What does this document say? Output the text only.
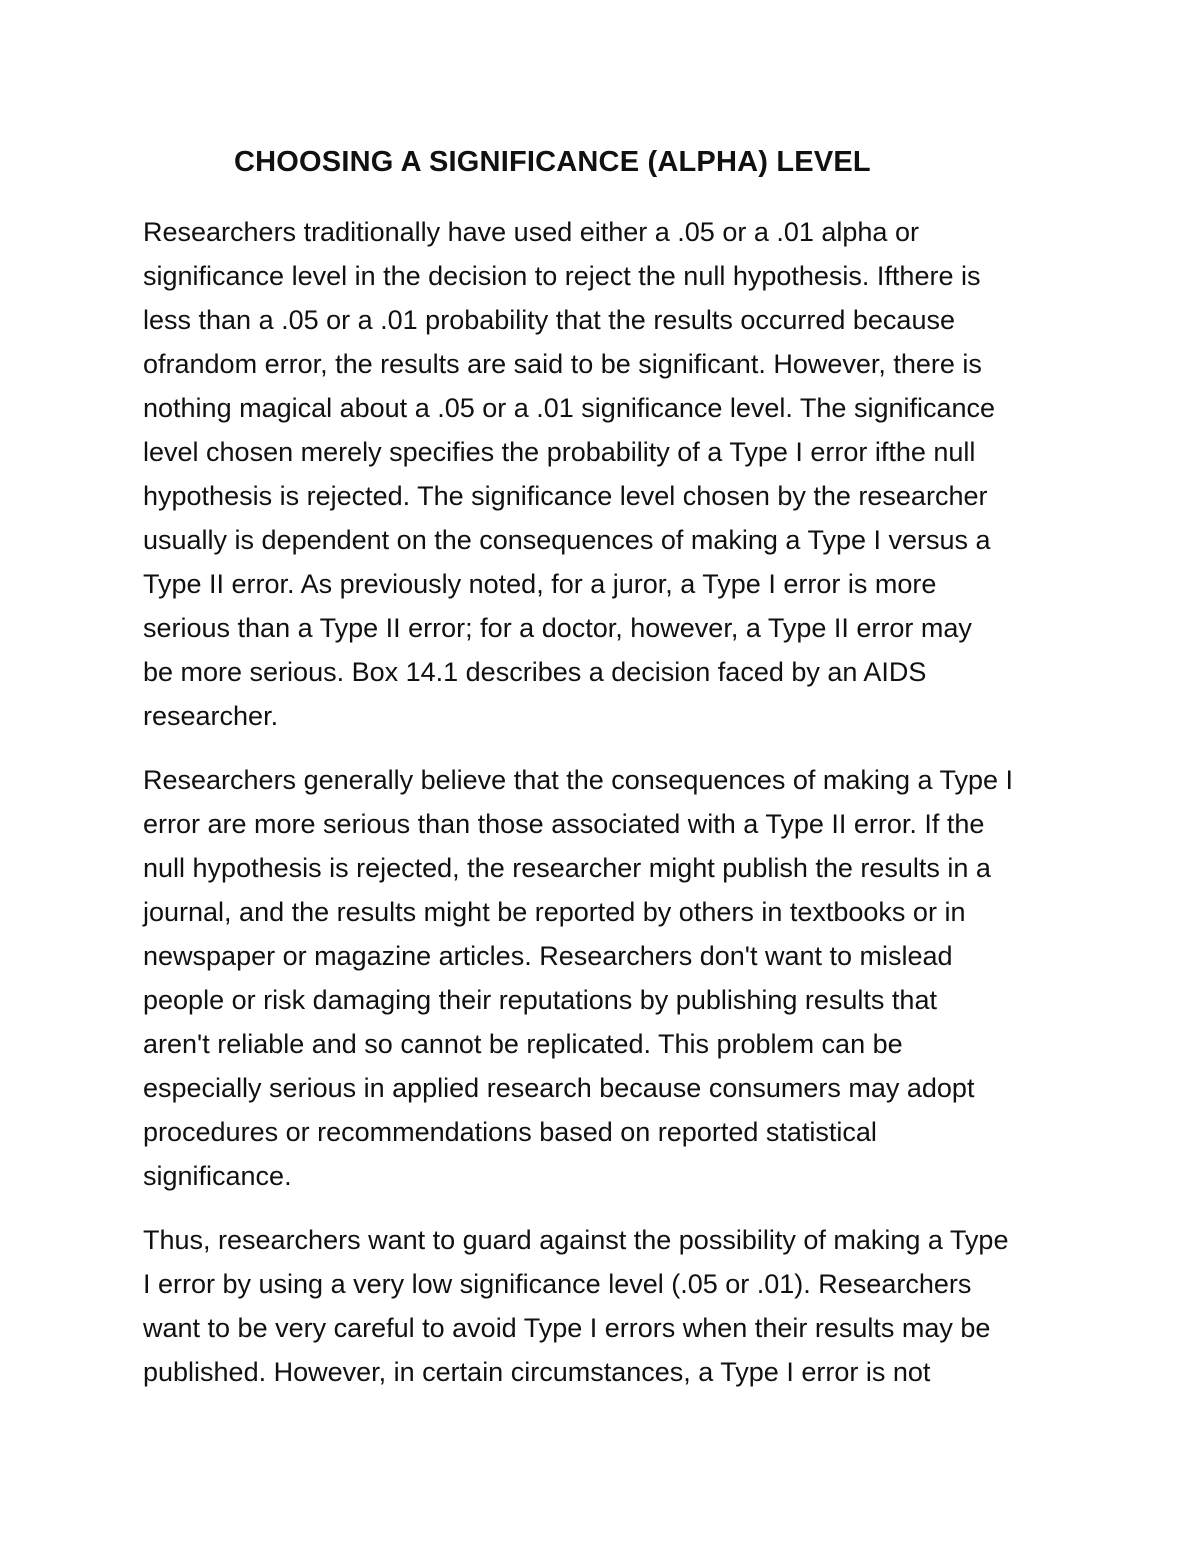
CHOOSING A SIGNIFICANCE (ALPHA) LEVEL
Researchers traditionally have used either a .05 or a .01 alpha or
significance level in the decision to reject the null hypothesis. Ifthere is
less than a .05 or a .01 probability that the results occurred because
ofrandom error, the results are said to be significant. However, there is
nothing magical about a .05 or a .01 significance level. The significance
level chosen merely specifies the probability of a Type I error ifthe null
hypothesis is rejected. The significance level chosen by the researcher
usually is dependent on the consequences of making a Type I versus a
Type II error. As previously noted, for a juror, a Type I error is more
serious than a Type II error; for a doctor, however, a Type II error may
be more serious. Box 14.1 describes a decision faced by an AIDS
researcher.
Researchers generally believe that the consequences of making a Type I
error are more serious than those associated with a Type II error. If the
null hypothesis is rejected, the researcher might publish the results in a
journal, and the results might be reported by others in textbooks or in
newspaper or magazine articles. Researchers don't want to mislead
people or risk damaging their reputations by publishing results that
aren't reliable and so cannot be replicated. This problem can be
especially serious in applied research because consumers may adopt
procedures or recommendations based on reported statistical
significance.
Thus, researchers want to guard against the possibility of making a Type
I error by using a very low significance level (.05 or .01). Researchers
want to be very careful to avoid Type I errors when their results may be
published. However, in certain circumstances, a Type I error is not
